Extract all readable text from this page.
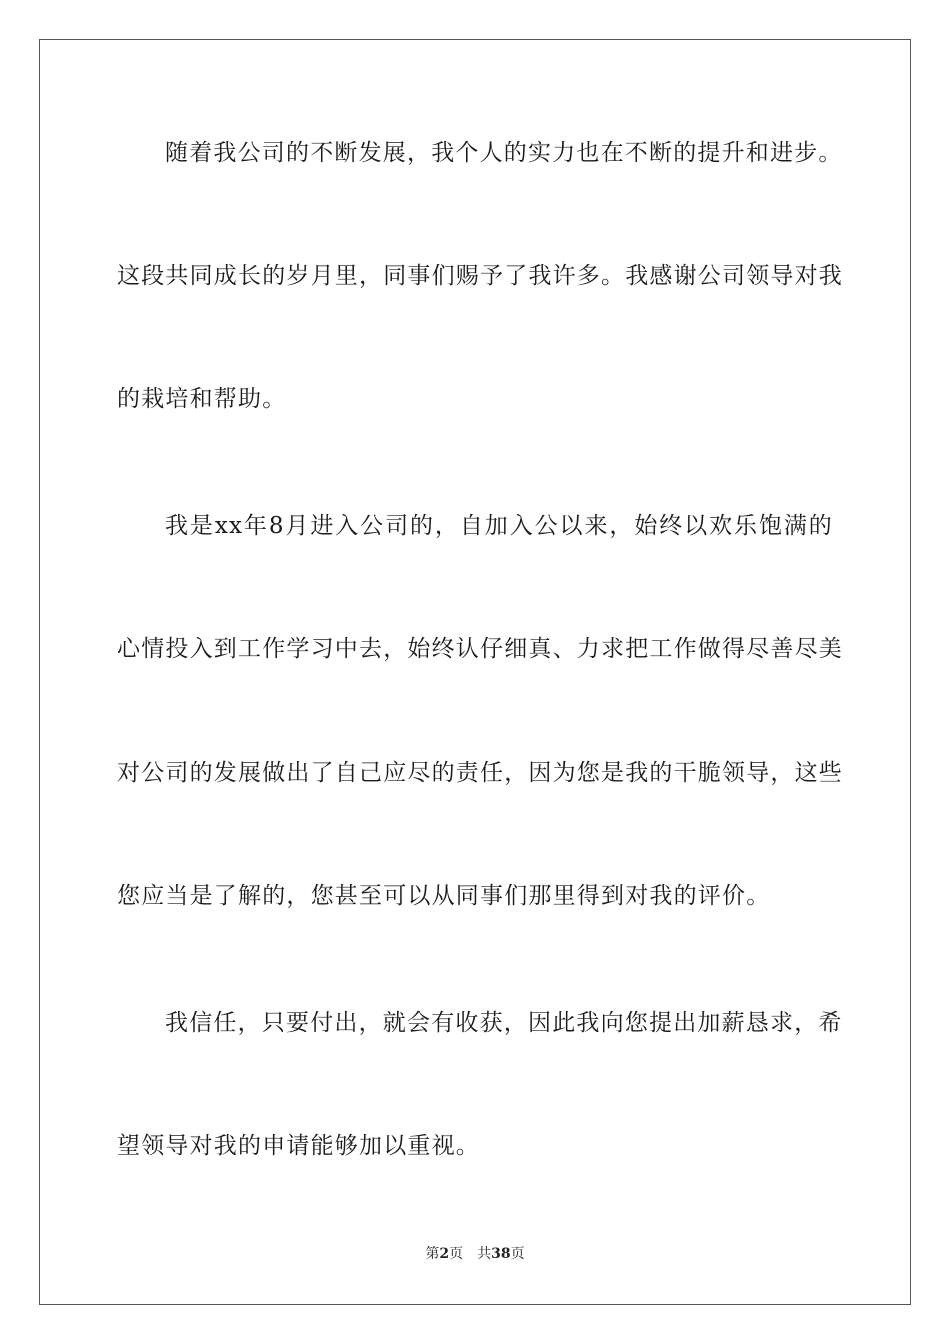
随着我公司的不断发展，我个人的实力也在不断的提升和进步。
这段共同成长的岁月里，同事们赐予了我许多。我感谢公司领导对我
的栽培和帮助。
我是xx年8月进入公司的，自加入公以来，始终以欢乐饱满的
心情投入到工作学习中去，始终认仔细真、力求把工作做得尽善尽美
对公司的发展做出了自己应尽的责任，因为您是我的干脆领导，这些
您应当是了解的，您甚至可以从同事们那里得到对我的评价。
我信任，只要付出，就会有收获，因此我向您提出加薪恳求，希
望领导对我的申请能够加以重视。
第2页 共38页
